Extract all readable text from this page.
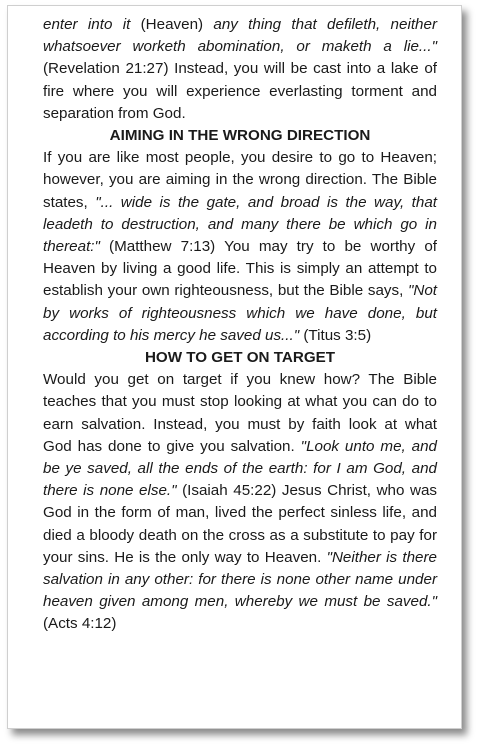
enter into it (Heaven) any thing that defileth, neither whatsoever worketh abomination, or maketh a lie..." (Revelation 21:27) Instead, you will be cast into a lake of fire where you will experience everlasting torment and separation from God.

AIMING IN THE WRONG DIRECTION

If you are like most people, you desire to go to Heaven; however, you are aiming in the wrong direction. The Bible states, "... wide is the gate, and broad is the way, that leadeth to destruction, and many there be which go in thereat:" (Matthew 7:13) You may try to be worthy of Heaven by living a good life. This is simply an attempt to establish your own righteousness, but the Bible says, "Not by works of righteousness which we have done, but according to his mercy he saved us..." (Titus 3:5)

HOW TO GET ON TARGET

Would you get on target if you knew how? The Bible teaches that you must stop looking at what you can do to earn salvation. Instead, you must by faith look at what God has done to give you salvation. "Look unto me, and be ye saved, all the ends of the earth: for I am God, and there is none else." (Isaiah 45:22) Jesus Christ, who was God in the form of man, lived the perfect sinless life, and died a bloody death on the cross as a substitute to pay for your sins. He is the only way to Heaven. "Neither is there salvation in any other: for there is none other name under heaven given among men, whereby we must be saved." (Acts 4:12)
